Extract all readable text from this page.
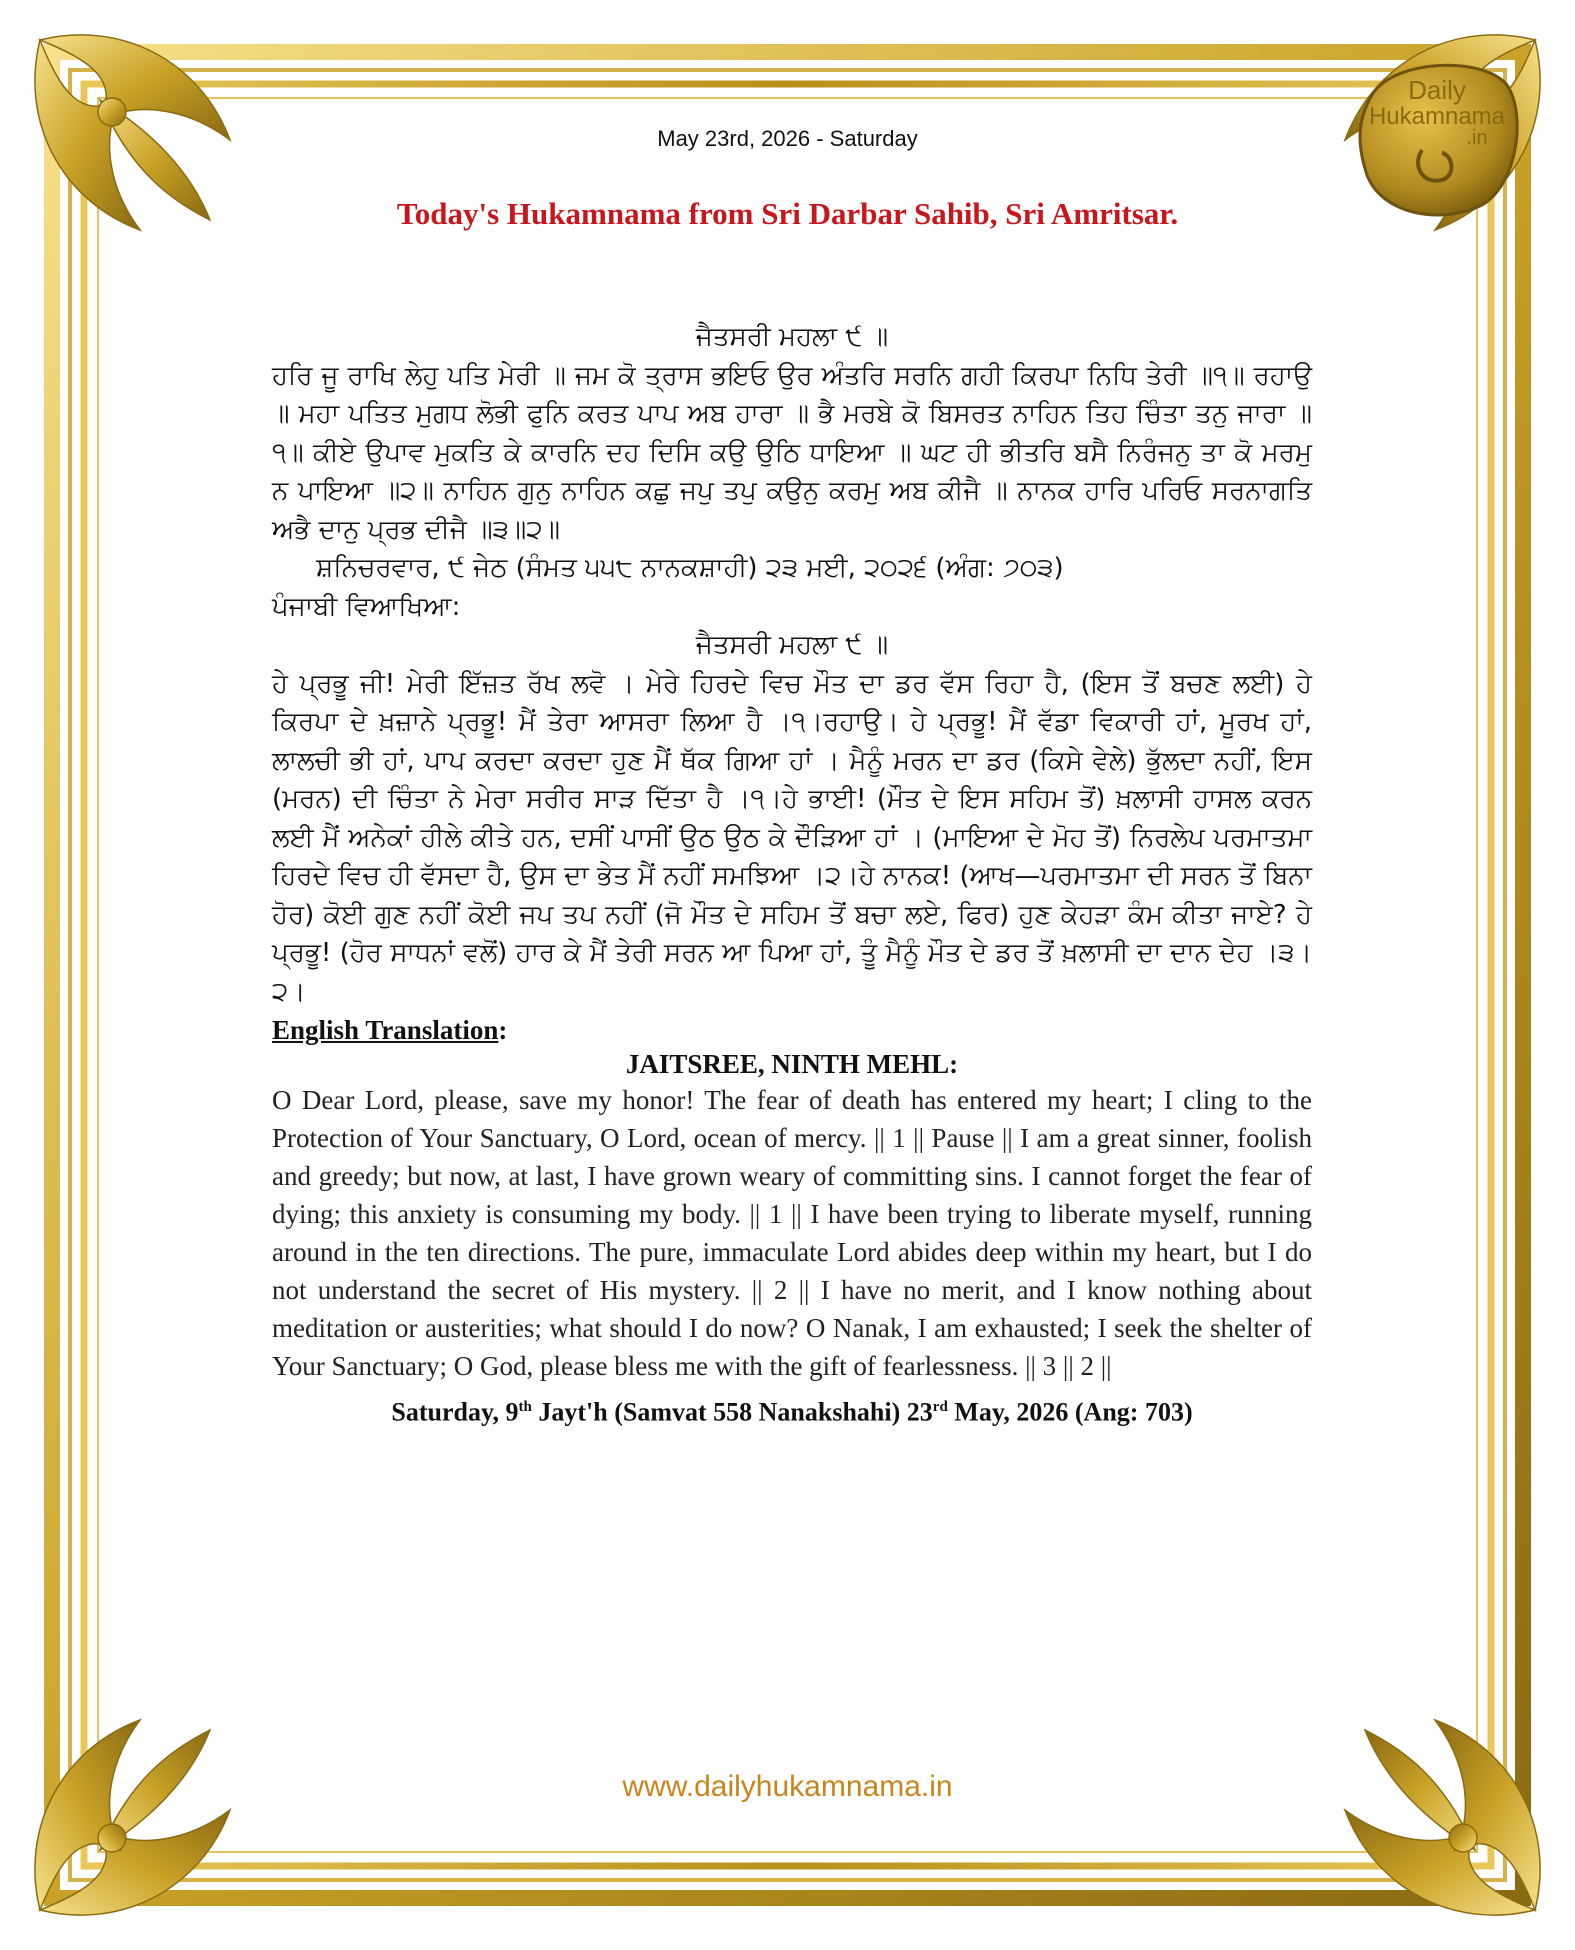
Daily
Hukamnama
.in
May 23rd, 2026 - Saturday
Today's Hukamnama from Sri Darbar Sahib, Sri Amritsar.
ਜੈਤਸਰੀ ਮਹਲਾ ੯ ॥
ਹਰਿ ਜੂ ਰਾਖਿ ਲੇਹੁ ਪਤਿ ਮੇਰੀ ॥ ਜਮ ਕੋ ਤ੍ਰਾਸ ਭਇਓ ਉਰ ਅੰਤਰਿ ਸਰਨਿ ਗਹੀ ਕਿਰਪਾ ਨਿਧਿ ਤੇਰੀ ॥੧॥ ਰਹਾਉ ॥ ਮਹਾ ਪਤਿਤ ਮੁਗਧ ਲੋਭੀ ਫੁਨਿ ਕਰਤ ਪਾਪ ਅਬ ਹਾਰਾ ॥ ਭੈ ਮਰਬੇ ਕੋ ਬਿਸਰਤ ਨਾਹਿਨ ਤਿਹ ਚਿੰਤਾ ਤਨੁ ਜਾਰਾ ॥੧॥ ਕੀਏ ਉਪਾਵ ਮੁਕਤਿ ਕੇ ਕਾਰਨਿ ਦਹ ਦਿਸਿ ਕਉ ਉਠਿ ਧਾਇਆ ॥ ਘਟ ਹੀ ਭੀਤਰਿ ਬਸੈ ਨਿਰੰਜਨੁ ਤਾ ਕੋ ਮਰਮੁ ਨ ਪਾਇਆ ॥੨॥ ਨਾਹਿਨ ਗੁਨੁ ਨਾਹਿਨ ਕਛੁ ਜਪੁ ਤਪੁ ਕਉਨੁ ਕਰਮੁ ਅਬ ਕੀਜੈ ॥ ਨਾਨਕ ਹਾਰਿ ਪਰਿਓ ਸਰਨਾਗਤਿ ਅਭੈ ਦਾਨੁ ਪ੍ਰਭ ਦੀਜੈ ॥੩॥੨॥
ਸ਼ਨਿਚਰਵਾਰ, ੯ ਜੇਠ (ਸੰਮਤ ੫੫੮ ਨਾਨਕਸ਼ਾਹੀ) ੨੩ ਮਈ, ੨੦੨੬ (ਅੰਗ: ੭੦੩)
ਪੰਜਾਬੀ ਵਿਆਖਿਆ:
ਜੈਤਸਰੀ ਮਹਲਾ ੯ ॥
ਹੇ ਪ੍ਰਭੂ ਜੀ! ਮੇਰੀ ਇੱਜ਼ਤ ਰੱਖ ਲਵੋ । ਮੇਰੇ ਹਿਰਦੇ ਵਿਚ ਮੌਤ ਦਾ ਡਰ ਵੱਸ ਰਿਹਾ ਹੈ, (ਇਸ ਤੋਂ ਬਚਣ ਲਈ) ਹੇ ਕਿਰਪਾ ਦੇ ਖ਼ਜ਼ਾਨੇ ਪ੍ਰਭੂ! ਮੈਂ ਤੇਰਾ ਆਸਰਾ ਲਿਆ ਹੈ ।੧।ਰਹਾਉ। ਹੇ ਪ੍ਰਭੂ! ਮੈਂ ਵੱਡਾ ਵਿਕਾਰੀ ਹਾਂ, ਮੂਰਖ ਹਾਂ, ਲਾਲਚੀ ਭੀ ਹਾਂ, ਪਾਪ ਕਰਦਾ ਕਰਦਾ ਹੁਣ ਮੈਂ ਥੱਕ ਗਿਆ ਹਾਂ । ਮੈਨੂੰ ਮਰਨ ਦਾ ਡਰ (ਕਿਸੇ ਵੇਲੇ) ਭੁੱਲਦਾ ਨਹੀਂ, ਇਸ (ਮਰਨ) ਦੀ ਚਿੰਤਾ ਨੇ ਮੇਰਾ ਸਰੀਰ ਸਾੜ ਦਿੱਤਾ ਹੈ ।੧।ਹੇ ਭਾਈ! (ਮੌਤ ਦੇ ਇਸ ਸਹਿਮ ਤੋਂ) ਖ਼ਲਾਸੀ ਹਾਸਲ ਕਰਨ ਲਈ ਮੈਂ ਅਨੇਕਾਂ ਹੀਲੇ ਕੀਤੇ ਹਨ, ਦਸੀਂ ਪਾਸੀਂ ਉਠ ਉਠ ਕੇ ਦੌੜਿਆ ਹਾਂ । (ਮਾਇਆ ਦੇ ਮੋਹ ਤੋਂ) ਨਿਰਲੇਪ ਪਰਮਾਤਮਾ ਹਿਰਦੇ ਵਿਚ ਹੀ ਵੱਸਦਾ ਹੈ, ਉਸ ਦਾ ਭੇਤ ਮੈਂ ਨਹੀਂ ਸਮਝਿਆ ।੨।ਹੇ ਨਾਨਕ! (ਆਖ—ਪਰਮਾਤਮਾ ਦੀ ਸਰਨ ਤੋਂ ਬਿਨਾ ਹੋਰ) ਕੋਈ ਗੁਣ ਨਹੀਂ ਕੋਈ ਜਪ ਤਪ ਨਹੀਂ (ਜੋ ਮੌਤ ਦੇ ਸਹਿਮ ਤੋਂ ਬਚਾ ਲਏ, ਫਿਰ) ਹੁਣ ਕੇਹੜਾ ਕੰਮ ਕੀਤਾ ਜਾਏ? ਹੇ ਪ੍ਰਭੂ! (ਹੋਰ ਸਾਧਨਾਂ ਵਲੋਂ) ਹਾਰ ਕੇ ਮੈਂ ਤੇਰੀ ਸਰਨ ਆ ਪਿਆ ਹਾਂ, ਤੂੰ ਮੈਨੂੰ ਮੌਤ ਦੇ ਡਰ ਤੋਂ ਖ਼ਲਾਸੀ ਦਾ ਦਾਨ ਦੇਹ ।੩।੨।
English Translation:
JAITSREE, NINTH MEHL:
O Dear Lord, please, save my honor! The fear of death has entered my heart; I cling to the Protection of Your Sanctuary, O Lord, ocean of mercy. || 1 || Pause || I am a great sinner, foolish and greedy; but now, at last, I have grown weary of committing sins. I cannot forget the fear of dying; this anxiety is consuming my body. || 1 || I have been trying to liberate myself, running around in the ten directions. The pure, immaculate Lord abides deep within my heart, but I do not understand the secret of His mystery. || 2 || I have no merit, and I know nothing about meditation or austerities; what should I do now? O Nanak, I am exhausted; I seek the shelter of Your Sanctuary; O God, please bless me with the gift of fearlessness. || 3 || 2 ||
Saturday, 9th Jayt'h (Samvat 558 Nanakshahi) 23rd May, 2026 (Ang: 703)
www.dailyhukamnama.in
